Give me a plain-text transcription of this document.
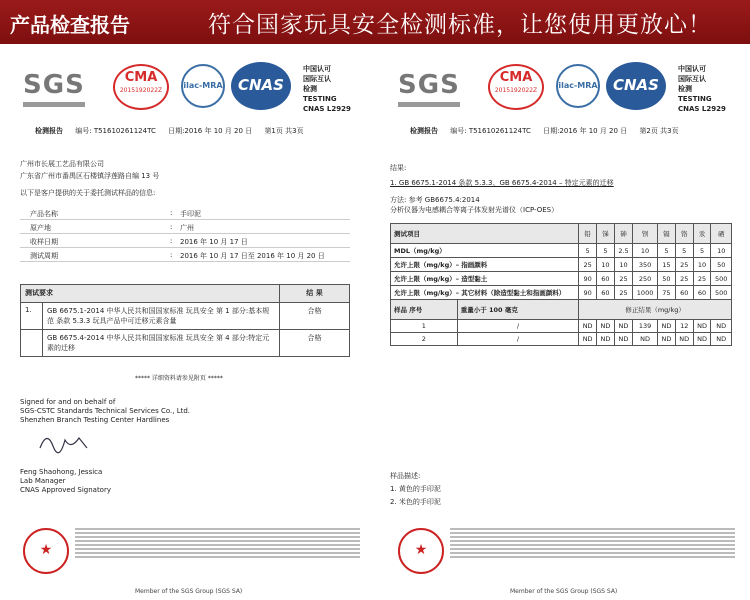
产品检查报告	符合国家玩具安全检测标准，让您使用更放心！
SGS	CMA
2015192022Z
ilac-MRA	CNAS
中国认可
国际互认
检测
TESTING
CNAS L2929
检测报告 编号: T51610261124TC 日期:2016 年 10 月 20 日 第1页 共3页
广州市长展工艺品有限公司
广东省广州市番禺区石楼镇浮莲路自编 13 号
以下是客户提供的关于委托测试样品的信息:
产品名称	: 手印泥
原产地	: 广州
收样日期	: 2016 年 10 月 17 日
测试周期	: 2016 年 10 月 17 日至 2016 年 10 月 20 日
测试要求		结 果
1.	GB 6675.1-2014 中华人民共和国国家标准 玩具安全 第 1 部分:基本规范 条款 5.3.3 玩具产品中可迁移元素含量	合格
	GB 6675.4-2014 中华人民共和国国家标准 玩具安全 第 4 部分:特定元素的迁移	合格
***** 详细资料请参见附页 *****
Signed for and on behalf of
SGS-CSTC Standards Technical Services Co., Ltd.
Shenzhen Branch Testing Center Hardlines
Feng Shaohong, Jessica
Lab Manager
CNAS Approved Signatory
★
Member of the SGS Group (SGS SA)
SGS	CMA
2015192022Z
ilac-MRA	CNAS
中国认可
国际互认
检测
TESTING
CNAS L2929
检测报告 编号: T51610261124TC 日期:2016 年 10 月 20 日 第2页 共3页
结果:
1. GB 6675.1-2014 条款 5.3.3、GB 6675.4-2014 – 特定元素的迁移
方法: 参考 GB6675.4:2014
分析仪器为电感耦合等离子体发射光谱仪（ICP-OES）
测试项目		铅	锑	砷	钡	镉	铬	汞	硒
MDL（mg/kg）		5	5	2.5	10	5	5	5	10
允许上限（mg/kg）– 指画颜料		25	10	10	350	15	25	10	50
允许上限（mg/kg）– 造型黏土		90	60	25	250	50	25	25	500
允许上限（mg/kg）– 其它材料（除造型黏土和指画颜料）		90	60	25	1000	75	60	60	500
样品 序号	重量小于 100 毫克	修正结果（mg/kg）							
1	/	ND	ND	ND	139	ND	12	ND	ND
2	/	ND	ND	ND	ND	ND	ND	ND	ND
样品描述:
1. 黄色的手印泥
2. 米色的手印泥
★
Member of the SGS Group (SGS SA)
